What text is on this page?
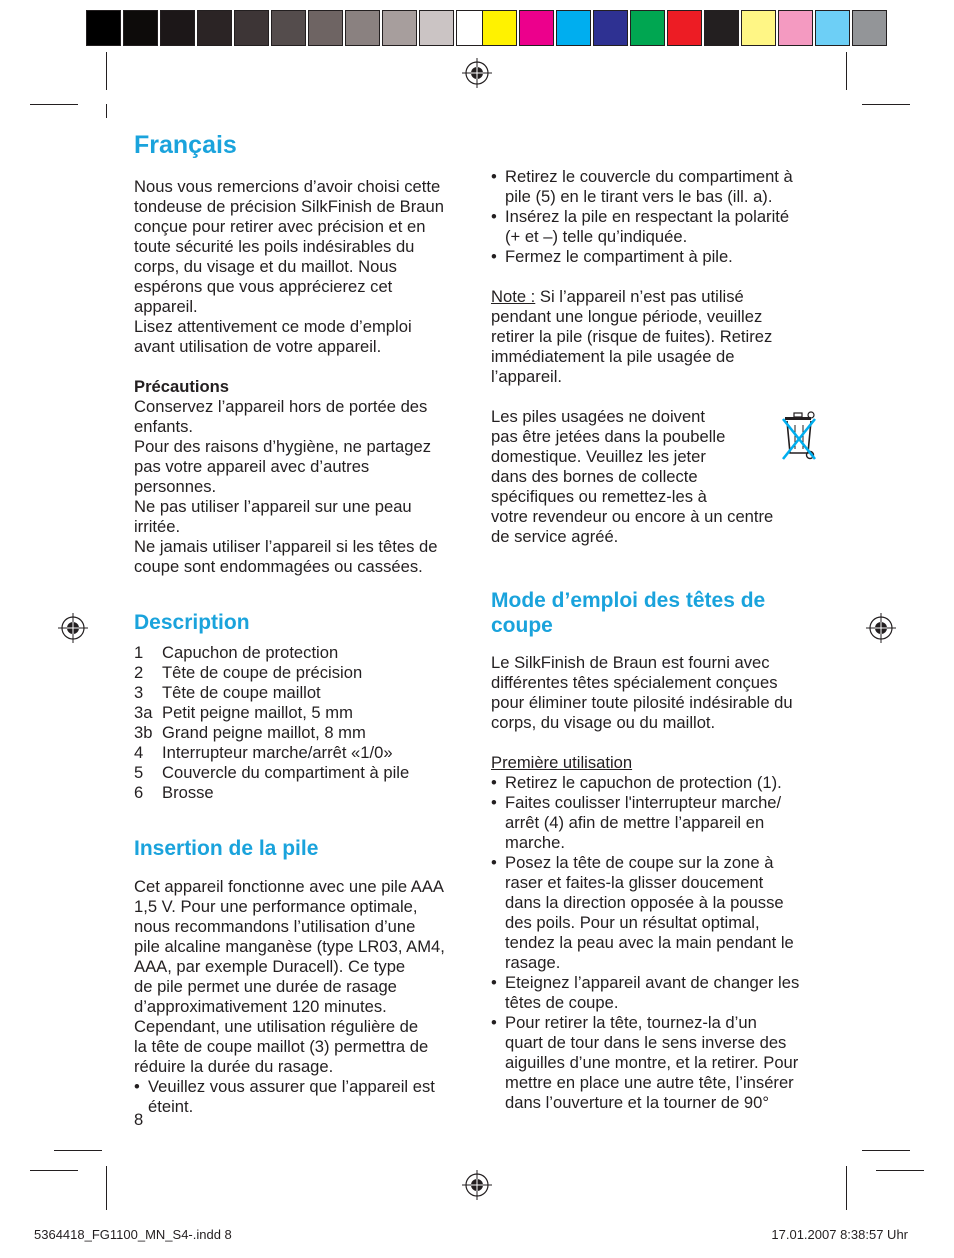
Français

Nous vous remercions d’avoir choisi cette

tondeuse de précision SilkFinish de Braun

conçue pour retirer avec précision et en

toute sécurité les poils indésirables du

corps, du visage et du maillot. Nous

espérons que vous apprécierez cet

appareil.

Lisez attentivement ce mode d’emploi

avant utilisation de votre appareil.

Précautions

Conservez l’appareil hors de portée des

enfants.

Pour des raisons d’hygiène, ne partagez

pas votre appareil avec d’autres

personnes.

Ne pas utiliser l’appareil sur une peau

irritée.

Ne jamais utiliser l’appareil si les têtes de

coupe sont endommagées ou cassées.

Description
1	Capuchon de protection
2	Tête de coupe de précision
3	Tête de coupe maillot
3a Petit peigne maillot, 5 mm
3b Grand peigne maillot, 8 mm
4	Interrupteur marche/arrêt «1/0»
5	Couvercle du compartiment à pile
6	Brosse
Insertion de la pile

Cet appareil fonctionne avec une pile AAA

1,5 V. Pour une performance optimale,

nous recommandons l’utilisation d’une

pile alcaline manganèse (type LR03, AM4,

AAA, par exemple Duracell). Ce type

de pile permet une durée de rasage

d’approximativement 120 minutes.

Cependant, une utilisation régulière de

la tête de coupe maillot (3) permettra de

réduire la durée du rasage.

• Veuillez vous assurer que l’appareil est
éteint.
• Retirez le couvercle du compartiment à
pile (5) en le tirant vers le bas (ill. a).
• Insérez la pile en respectant la polarité
(+ et –) telle qu’indiquée.
• Fermez le compartiment à pile.

Note : Si l’appareil n’est pas utilisé

pendant une longue période, veuillez

retirer la pile (risque de fuites). Retirez

immédiatement la pile usagée de

l’appareil.

Les piles usagées ne doivent

pas être jetées dans la poubelle

domestique. Veuillez les jeter

dans des bornes de collecte

spécifiques ou remettez-les à

votre revendeur ou encore à un centre

de service agréé.

Mode d’emploi des têtes de
coupe

Le SilkFinish de Braun est fourni avec

différentes têtes spécialement conçues

pour éliminer toute pilosité indésirable du

corps, du visage ou du maillot.

Première utilisation

• Retirez le capuchon de protection (1).
• Faites coulisser l'interrupteur marche/
arrêt (4) afin de mettre l’appareil en
marche.
• Posez la tête de coupe sur la zone à
raser et faites-la glisser doucement
dans la direction opposée à la pousse
des poils. Pour un résultat optimal,
tendez la peau avec la main pendant le
rasage.
• Eteignez l’appareil avant de changer les
têtes de coupe.
• Pour retirer la tête, tournez-la d’un
quart de tour dans le sens inverse des
aiguilles d’une montre, et la retirer. Pour
mettre en place une autre tête, l’insérer
dans l’ouverture et la tourner de 90°
8
5364418_FG1100_MN_S4-.indd 8	17.01.2007 8:38:57 Uhr
